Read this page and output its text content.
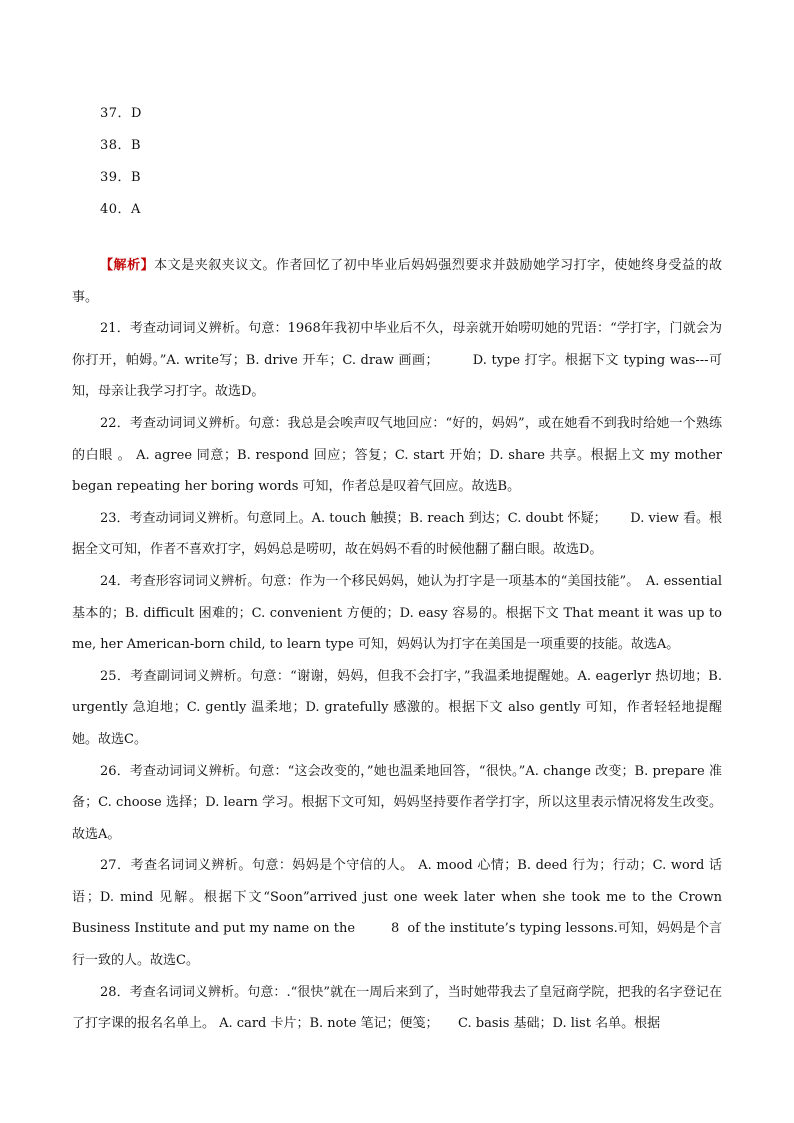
37．D
38．B
39．B
40．A

【解析】本文是夹叙夹议文。作者回忆了初中毕业后妈妈强烈要求并鼓励她学习打字，使她终身受益的故事。

21．考查动词词义辨析。句意：1968年我初中毕业后不久，母亲就开始唠叨她的咒语：“学打字，门就会为你打开，帕姆。”A. write写；B. drive 开车；C. draw 画画；　　　D. type 打字。根据下文 typing was---可知，母亲让我学习打字。故选D。

22．考查动词词义辨析。句意：我总是会唉声叹气地回应：“好的，妈妈”，或在她看不到我时给她一个熟练的白眼 。 A. agree 同意；B. respond 回应；答复；C. start 开始；D. share 共享。根据上文 my mother began repeating her boring words 可知，作者总是叹着气回应。故选B。

23．考查动词词义辨析。句意同上。A. touch 触摸；B. reach 到达；C. doubt 怀疑；　　 D. view 看。根据全文可知，作者不喜欢打字，妈妈总是唠叨，故在妈妈不看的时候他翻了翻白眼。故选D。

24．考查形容词词义辨析。句意：作为一个移民妈妈，她认为打字是一项基本的“美国技能”。　A. essential 基本的；B. difficult 困难的；C. convenient 方便的；D. easy 容易的。根据下文 That meant it was up to me, her American-born child, to learn type 可知，妈妈认为打字在美国是一项重要的技能。故选A。

25．考查副词词义辨析。句意：“谢谢，妈妈，但我不会打字，”我温柔地提醒她。A. eagerlyr 热切地；B. urgently 急迫地；C. gently 温柔地；D. gratefully 感激的。根据下文 also gently 可知，作者轻轻地提醒她。故选C。

26．考查动词词义辨析。句意：“这会改变的，”她也温柔地回答，“很快。”A. change 改变；B. prepare 准备；C. choose 选择；D. learn 学习。根据下文可知，妈妈坚持要作者学打字，所以这里表示情况将发生改变。故选A。

27．考查名词词义辨析。句意：妈妈是个守信的人。 A. mood 心情；B. deed 行为；行动；C. word 话语；D. mind 见解。根据下文“Soon”arrived just one week later when she took me to the Crown Business Institute and put my name on the	8 of the institute’s typing lessons.可知，妈妈是个言行一致的人。故选C。

28．考查名词词义辨析。句意：.“很快”就在一周后来到了，当时她带我去了皇冠商学院，把我的名字登记在了打字课的报名名单上。 A. card 卡片；B. note 笔记；便笺；　　C. basis 基础；D. list 名单。根据
